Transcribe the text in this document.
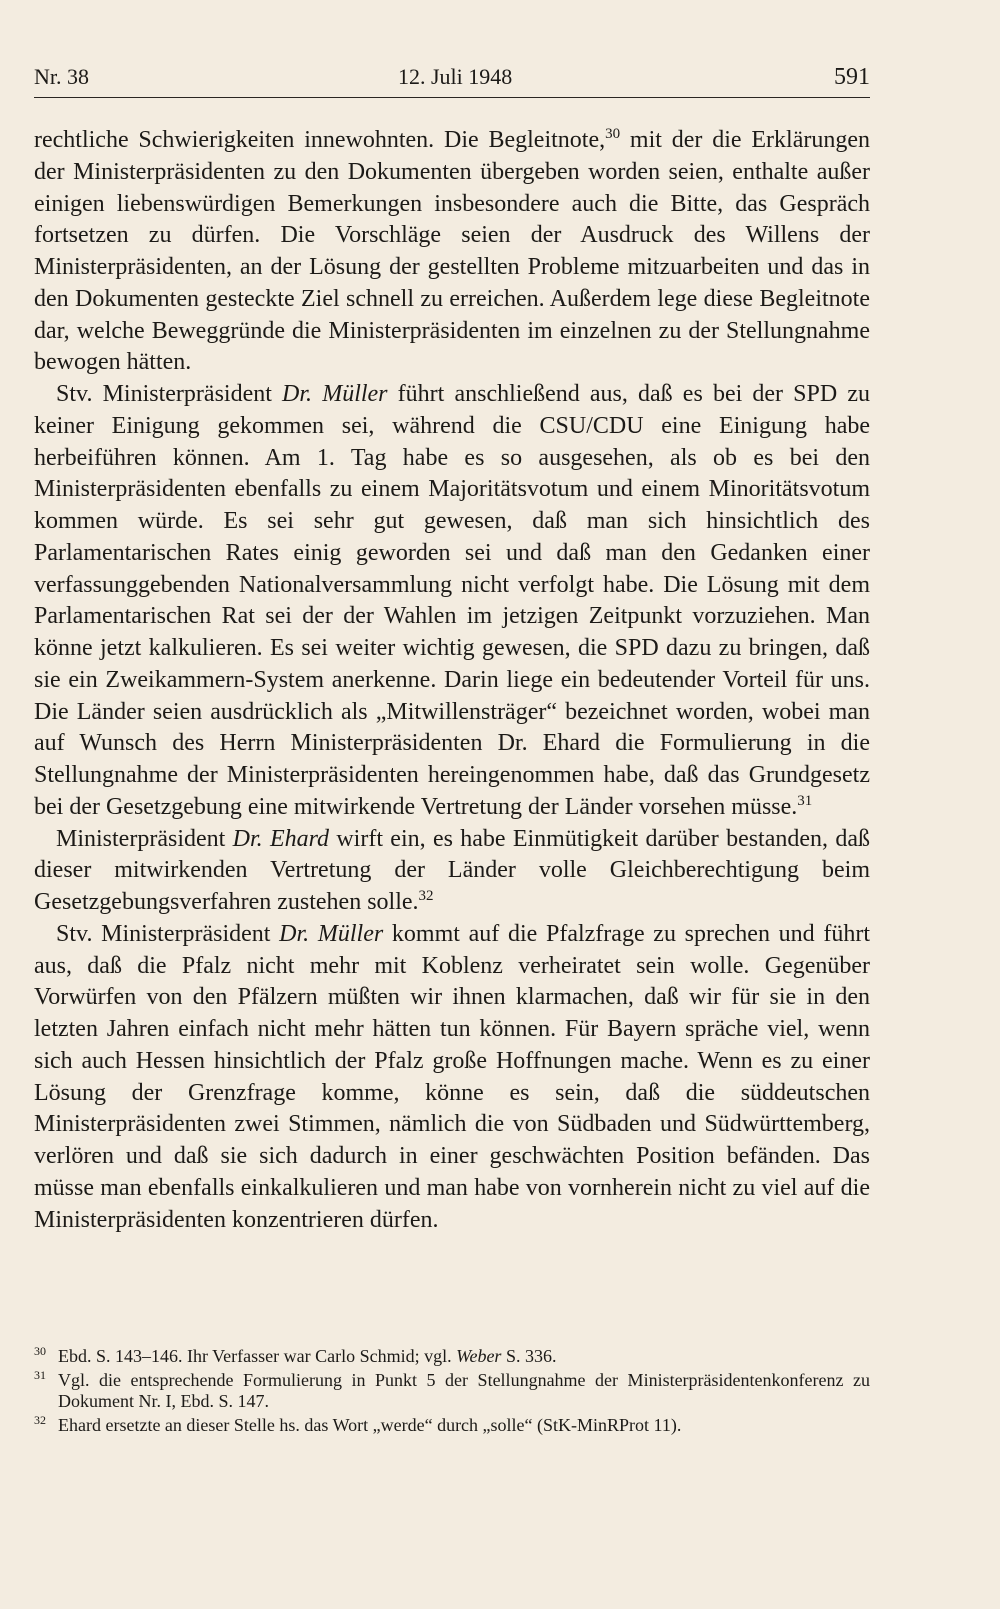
Nr. 38	12. Juli 1948	591

rechtliche Schwierigkeiten innewohnten. Die Begleitnote,$^{30}$ mit der die Erklärungen der Ministerpräsidenten zu den Dokumenten übergeben worden seien, enthalte außer einigen liebenswürdigen Bemerkungen insbesondere auch die Bitte, das Gespräch fortsetzen zu dürfen. Die Vorschläge seien der Ausdruck des Willens der Ministerpräsidenten, an der Lösung der gestellten Probleme mitzuarbeiten und das in den Dokumenten gesteckte Ziel schnell zu erreichen. Außerdem lege diese Begleitnote dar, welche Beweggründe die Ministerpräsidenten im einzelnen zu der Stellungnahme bewogen hätten.

Stv. Ministerpräsident Dr. Müller führt anschließend aus, daß es bei der SPD zu keiner Einigung gekommen sei, während die CSU/CDU eine Einigung habe herbeiführen können. Am 1. Tag habe es so ausgesehen, als ob es bei den Ministerpräsidenten ebenfalls zu einem Majoritätsvotum und einem Minoritätsvotum kommen würde. Es sei sehr gut gewesen, daß man sich hinsichtlich des Parlamentarischen Rates einig geworden sei und daß man den Gedanken einer verfassunggebenden Nationalversammlung nicht verfolgt habe. Die Lösung mit dem Parlamentarischen Rat sei der der Wahlen im jetzigen Zeitpunkt vorzuziehen. Man könne jetzt kalkulieren. Es sei weiter wichtig gewesen, die SPD dazu zu bringen, daß sie ein Zweikammern-System anerkenne. Darin liege ein bedeutender Vorteil für uns. Die Länder seien ausdrücklich als „Mitwillensträger“ bezeichnet worden, wobei man auf Wunsch des Herrn Ministerpräsidenten Dr. Ehard die Formulierung in die Stellungnahme der Ministerpräsidenten hereingenommen habe, daß das Grundgesetz bei der Gesetzgebung eine mitwirkende Vertretung der Länder vorsehen müsse.$^{31}$

Ministerpräsident Dr. Ehard wirft ein, es habe Einmütigkeit darüber bestanden, daß dieser mitwirkenden Vertretung der Länder volle Gleichberechtigung beim Gesetzgebungsverfahren zustehen solle.$^{32}$

Stv. Ministerpräsident Dr. Müller kommt auf die Pfalzfrage zu sprechen und führt aus, daß die Pfalz nicht mehr mit Koblenz verheiratet sein wolle. Gegenüber Vorwürfen von den Pfälzern müßten wir ihnen klarmachen, daß wir für sie in den letzten Jahren einfach nicht mehr hätten tun können. Für Bayern spräche viel, wenn sich auch Hessen hinsichtlich der Pfalz große Hoffnungen mache. Wenn es zu einer Lösung der Grenzfrage komme, könne es sein, daß die süddeutschen Ministerpräsidenten zwei Stimmen, nämlich die von Südbaden und Südwürttemberg, verlören und daß sie sich dadurch in einer geschwächten Position befänden. Das müsse man ebenfalls einkalkulieren und man habe von vornherein nicht zu viel auf die Ministerpräsidenten konzentrieren dürfen.

30 Ebd. S. 143–146. Ihr Verfasser war Carlo Schmid; vgl. Weber S. 336.
31 Vgl. die entsprechende Formulierung in Punkt 5 der Stellungnahme der Ministerpräsidentenkonferenz zu Dokument Nr. I, Ebd. S. 147.
32 Ehard ersetzte an dieser Stelle hs. das Wort „werde“ durch „solle“ (StK-MinRProt 11).
